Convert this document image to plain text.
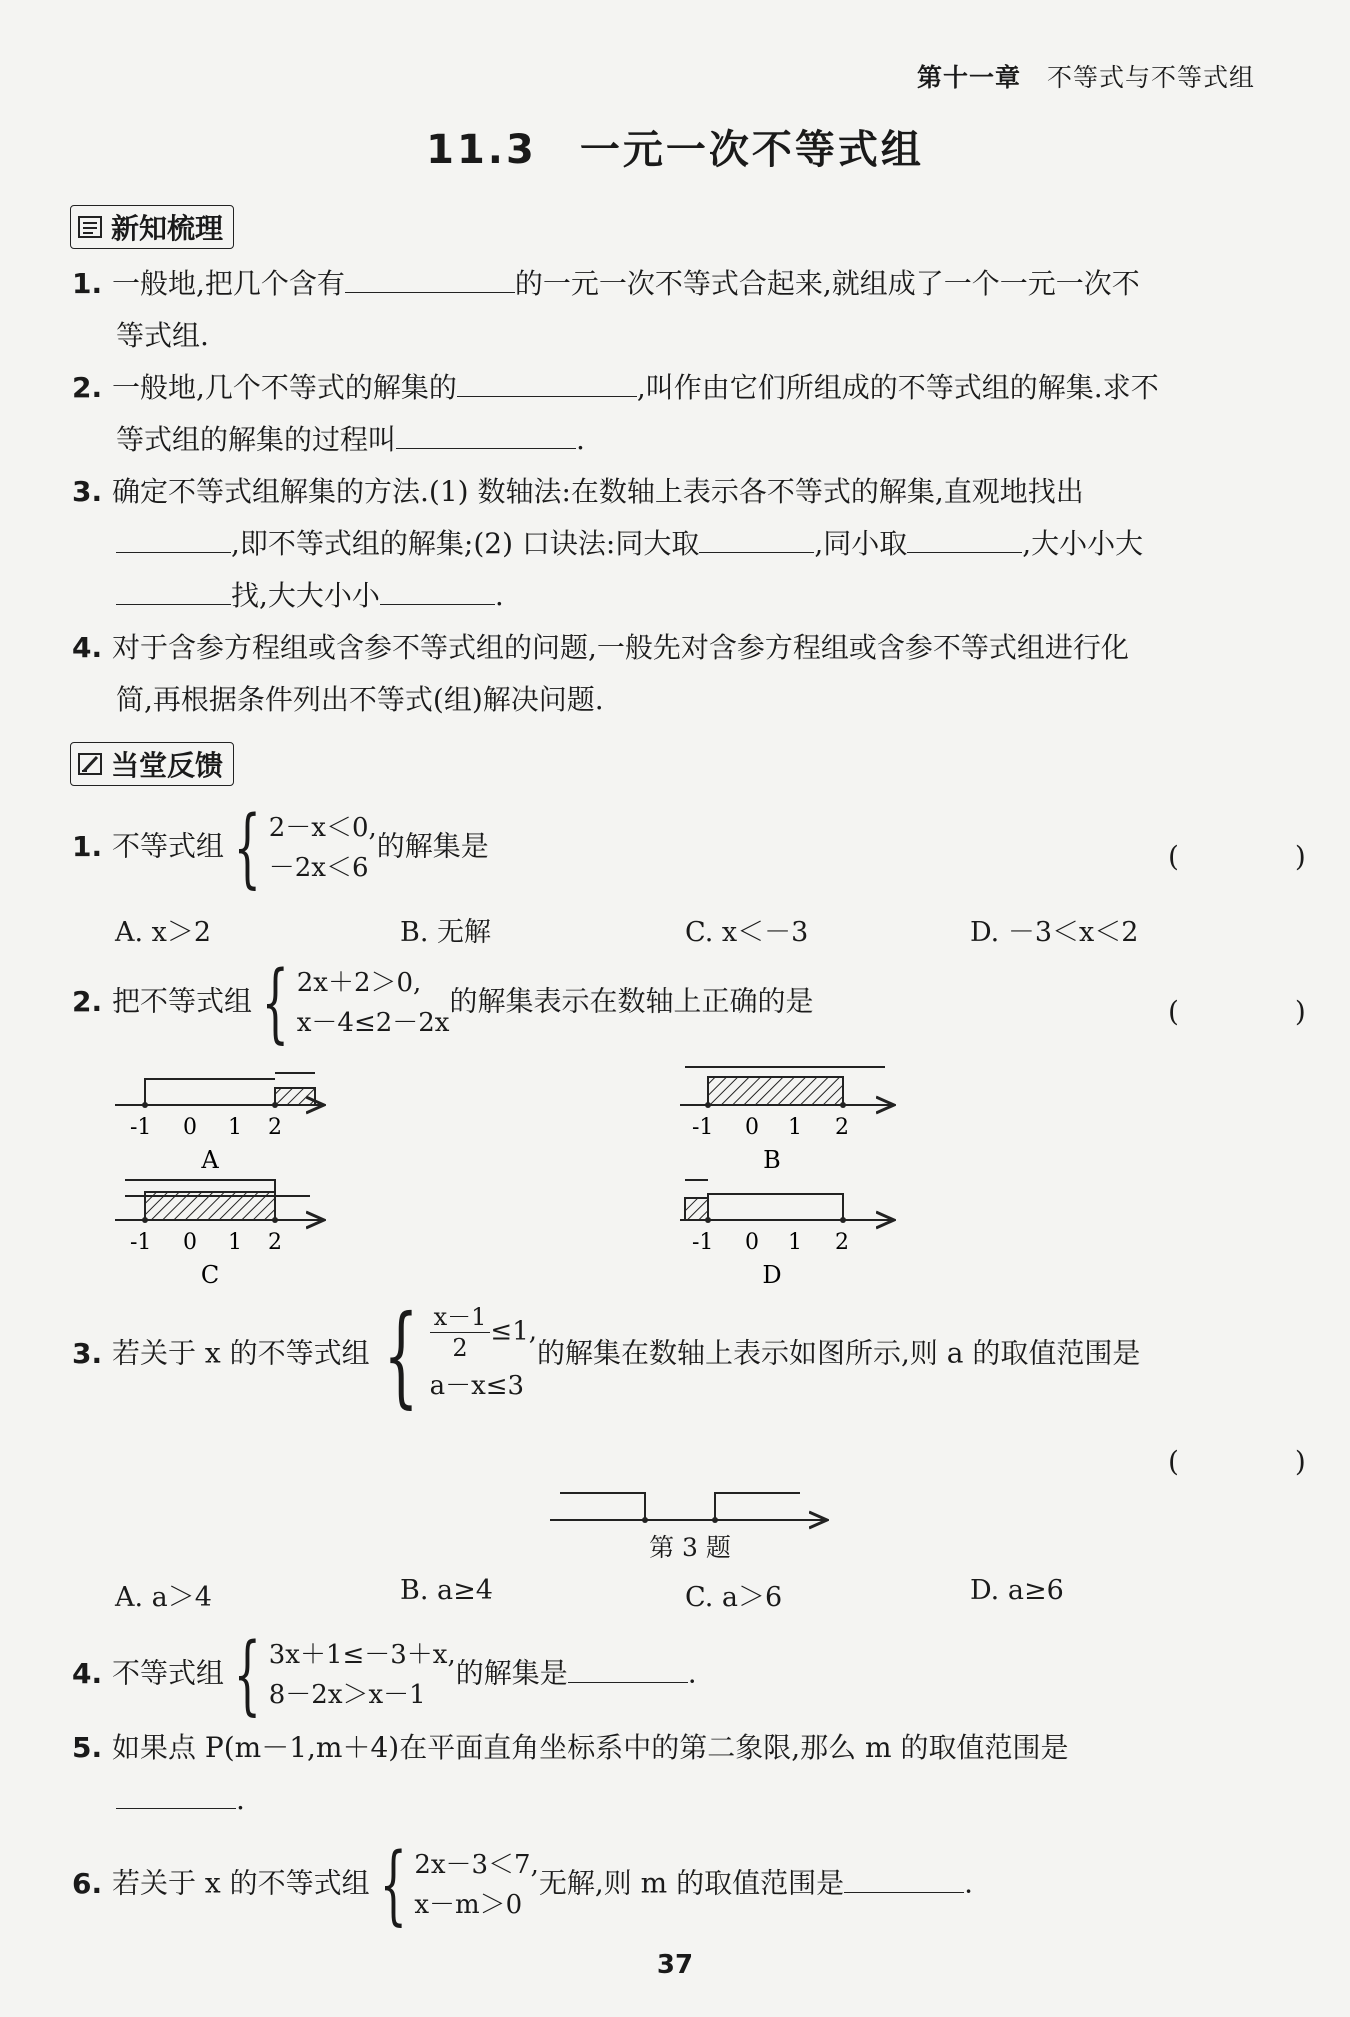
第十一章 不等式与不等式组
11.3　一元一次不等式组
新知梳理
1. 一般地,把几个含有	的一元一次不等式合起来,就组成了一个一元一次不
等式组.
2. 一般地,几个不等式的解集的	,叫作由它们所组成的不等式组的解集.求不
等式组的解集的过程叫	.
3. 确定不等式组解集的方法.(1) 数轴法:在数轴上表示各不等式的解集,直观地找出
,即不等式组的解集;(2) 口诀法:同大取	,同小取	,大小小大
找,大大小小	.
4. 对于含参方程组或含参不等式组的问题,一般先对含参方程组或含参不等式组进行化
简,再根据条件列出不等式(组)解决问题.
当堂反馈
1. 不等式组 { 2－x＜0,
－2x＜6
的解集是	(　)
A. x＞2	B. 无解	C. x＜－3	D. －3＜x＜2
2. 把不等式组 { 2x＋2＞0,
x－4≤2－2x
的解集表示在数轴上正确的是	(　)
-1 0 1 2
A
-1 0 1 2
B
-1 0 1 2
C
-1 0 1 2
D
3. 若关于 x 的不等式组 { $\frac{x-1}{2} \le 1$,
a－x≤3
的解集在数轴上表示如图所示,则 a 的取值范围是
(　)
第 3 题
A. a＞4	B. a≥4	C. a＞6	D. a≥6
4. 不等式组 { 3x＋1≤－3＋x,
8－2x＞x－1
的解集是	.
5. 如果点 P(m－1,m＋4)在平面直角坐标系中的第二象限,那么 m 的取值范围是
.
6. 若关于 x 的不等式组 { 2x－3＜7,
x－m＞0
无解,则 m 的取值范围是	.
37
